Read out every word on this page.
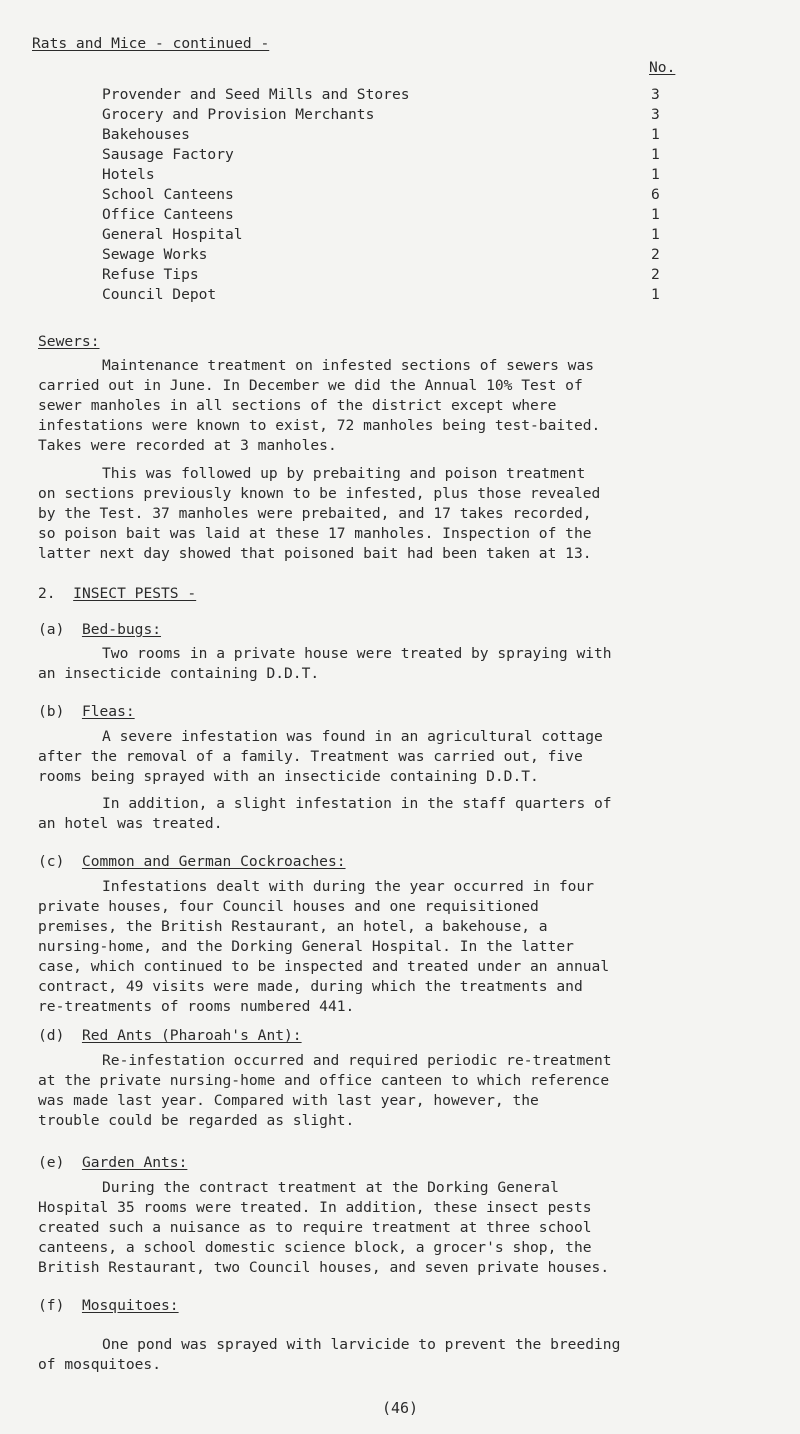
Rats and Mice - continued -
No.
Provender and Seed Mills and Stores	3
Grocery and Provision Merchants	3
Bakehouses	1
Sausage Factory	1
Hotels	1
School Canteens	6
Office Canteens	1
General Hospital	1
Sewage Works	2
Refuse Tips	2
Council Depot	1
Sewers:
Maintenance treatment on infested sections of sewers was
carried out in June. In December we did the Annual 10% Test of
sewer manholes in all sections of the district except where
infestations were known to exist, 72 manholes being test-baited.
Takes were recorded at 3 manholes.
This was followed up by prebaiting and poison treatment
on sections previously known to be infested, plus those revealed
by the Test. 37 manholes were prebaited, and 17 takes recorded,
so poison bait was laid at these 17 manholes. Inspection of the
latter next day showed that poisoned bait had been taken at 13.
2. INSECT PESTS -
(a) Bed-bugs:
Two rooms in a private house were treated by spraying with
an insecticide containing D.D.T.
(b) Fleas:
A severe infestation was found in an agricultural cottage
after the removal of a family. Treatment was carried out, five
rooms being sprayed with an insecticide containing D.D.T.
In addition, a slight infestation in the staff quarters of
an hotel was treated.
(c) Common and German Cockroaches:
Infestations dealt with during the year occurred in four
private houses, four Council houses and one requisitioned
premises, the British Restaurant, an hotel, a bakehouse, a
nursing-home, and the Dorking General Hospital. In the latter
case, which continued to be inspected and treated under an annual
contract, 49 visits were made, during which the treatments and
re-treatments of rooms numbered 441.
(d) Red Ants (Pharoah's Ant):
Re-infestation occurred and required periodic re-treatment
at the private nursing-home and office canteen to which reference
was made last year. Compared with last year, however, the
trouble could be regarded as slight.
(e) Garden Ants:
During the contract treatment at the Dorking General
Hospital 35 rooms were treated. In addition, these insect pests
created such a nuisance as to require treatment at three school
canteens, a school domestic science block, a grocer's shop, the
British Restaurant, two Council houses, and seven private houses.
(f) Mosquitoes:
One pond was sprayed with larvicide to prevent the breeding
of mosquitoes.
(46)
